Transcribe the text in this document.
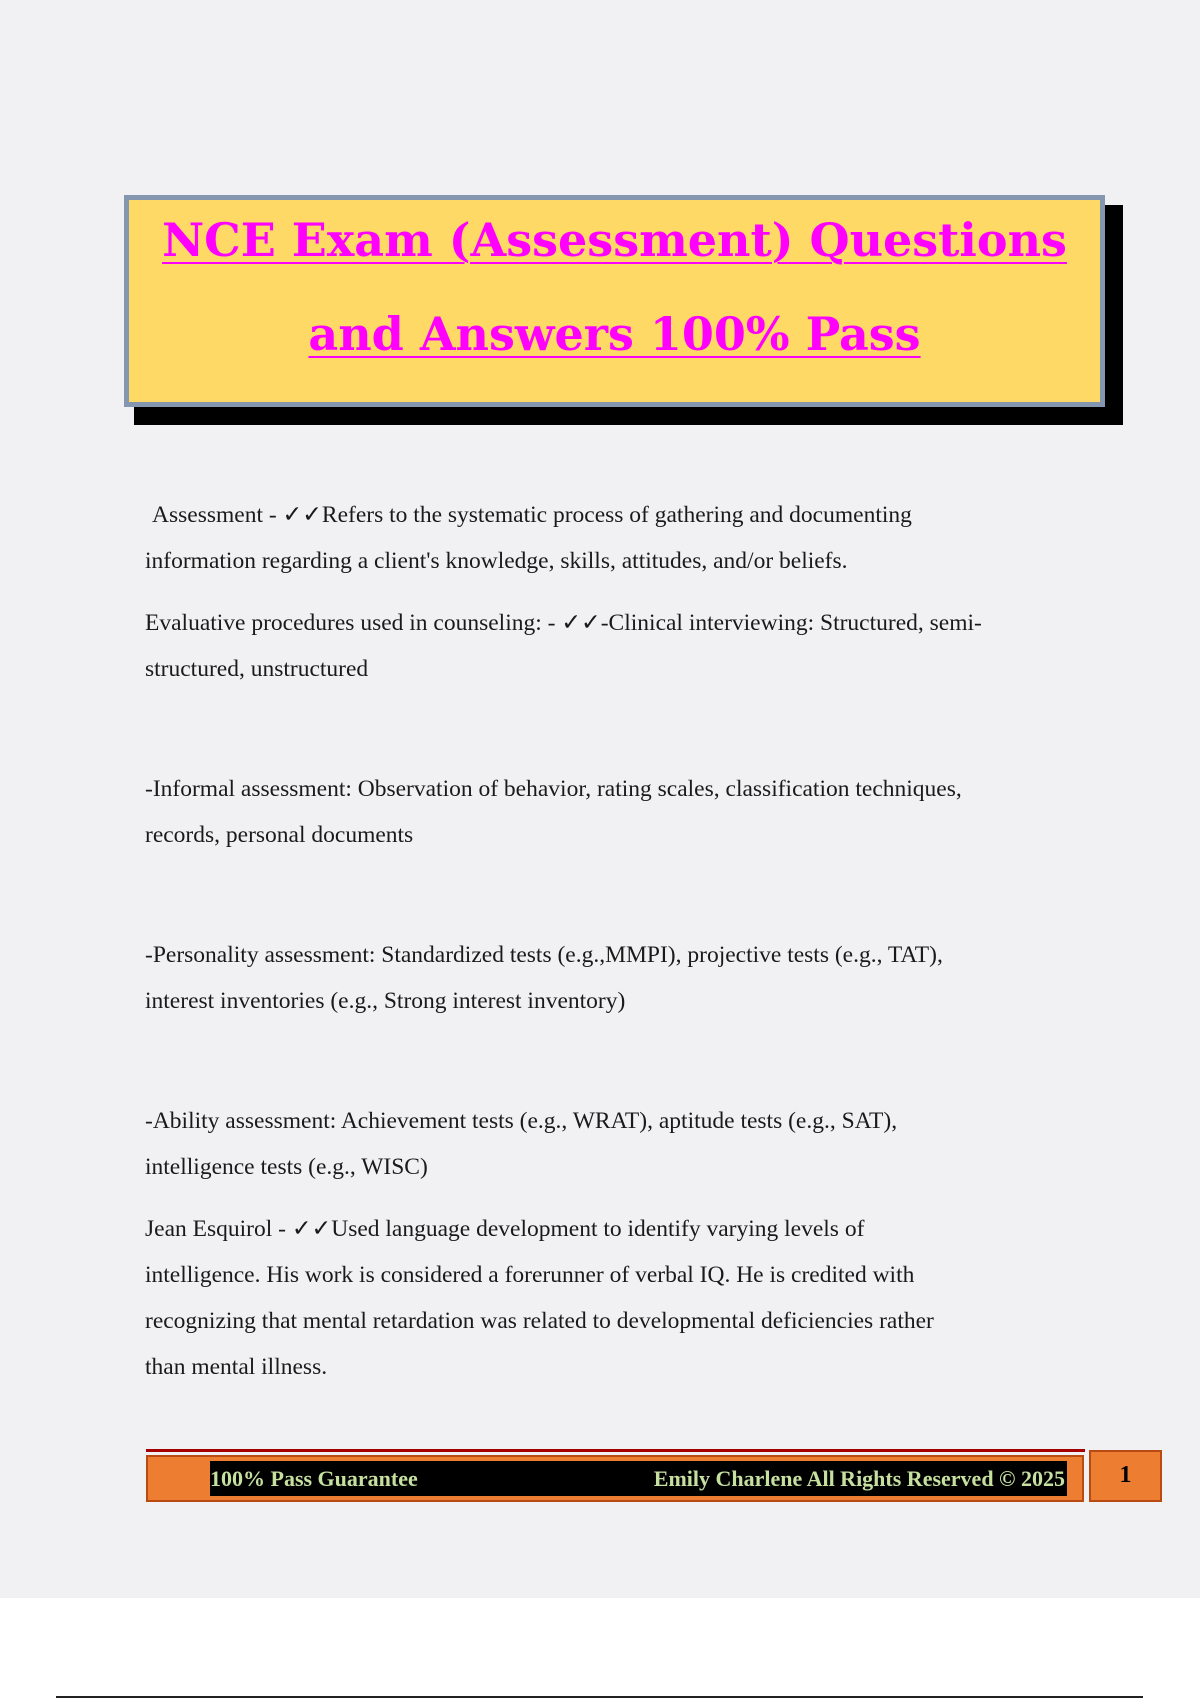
NCE Exam (Assessment) Questions
and Answers 100% Pass

Assessment - ✓✓Refers to the systematic process of gathering and documenting

information regarding a client's knowledge, skills, attitudes, and/or beliefs.

Evaluative procedures used in counseling: - ✓✓-Clinical interviewing: Structured, semi-

structured, unstructured

-Informal assessment: Observation of behavior, rating scales, classification techniques,

records, personal documents

-Personality assessment: Standardized tests (e.g.,MMPI), projective tests (e.g., TAT),

interest inventories (e.g., Strong interest inventory)

-Ability assessment: Achievement tests (e.g., WRAT), aptitude tests (e.g., SAT),

intelligence tests (e.g., WISC)

Jean Esquirol - ✓✓Used language development to identify varying levels of

intelligence. His work is considered a forerunner of verbal IQ. He is credited with

recognizing that mental retardation was related to developmental deficiencies rather

than mental illness.

100% Pass Guarantee	Emily Charlene All Rights Reserved © 2025	1
